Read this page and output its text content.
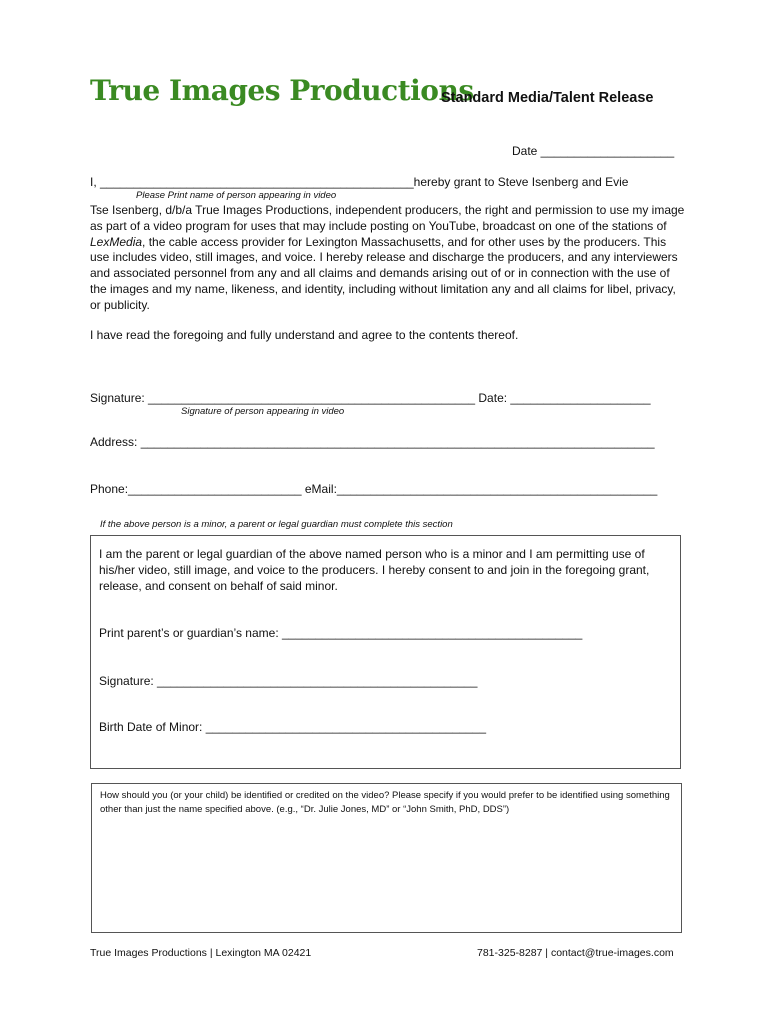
True Images Productions
Standard Media/Talent Release
Date ____________________
I, _______________________________________________hereby grant to Steve Isenberg and Evie
Please Print name of person appearing in video
Tse Isenberg, d/b/a True Images Productions, independent producers, the right and permission to use my image as part of a video program for uses that may include posting on YouTube, broadcast on one of the stations of LexMedia, the cable access provider for Lexington Massachusetts, and for other uses by the producers. This use includes video, still images, and voice. I hereby release and discharge the producers, and any interviewers and associated personnel from any and all claims and demands arising out of or in connection with the use of the images and my name, likeness, and identity, including without limitation any and all claims for libel, privacy, or publicity.
I have read the foregoing and fully understand and agree to the contents thereof.
Signature: _________________________________________________ Date: _____________________
Signature of person appearing in video
Address: _____________________________________________________________________________
Phone:__________________________ eMail:________________________________________________
If the above person is a minor, a parent or legal guardian must complete this section
I am the parent or legal guardian of the above named person who is a minor and I am permitting use of his/her video, still image, and voice to the producers. I hereby consent to and join in the foregoing grant, release, and consent on behalf of said minor.
Print parent’s or guardian’s name: _____________________________________________
Signature: ________________________________________________
Birth Date of Minor: __________________________________________
How should you (or your child) be identified or credited on the video? Please specify if you would prefer to be identified using something other than just the name specified above. (e.g., “Dr. Julie Jones, MD” or “John Smith, PhD, DDS”)
True Images Productions | Lexington MA 02421	781-325-8287 | contact@true-images.com
